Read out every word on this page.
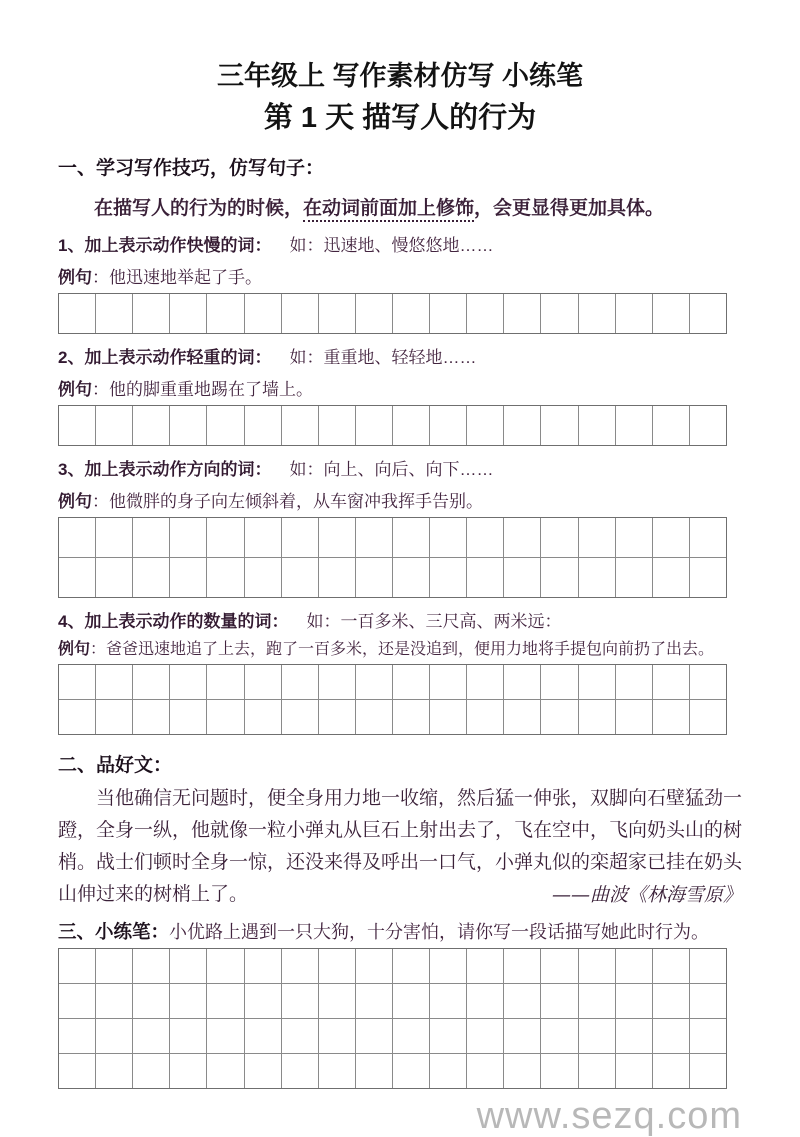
三年级上 写作素材仿写 小练笔
第 1 天 描写人的行为
一、学习写作技巧，仿写句子：
在描写人的行为的时候，在动词前面加上修饰，会更显得更加具体。
1、加上表示动作快慢的词： 如：迅速地、慢悠悠地……
例句：他迅速地举起了手。
2、加上表示动作轻重的词： 如：重重地、轻轻地……
例句：他的脚重重地踢在了墙上。
3、加上表示动作方向的词： 如：向上、向后、向下……
例句：他微胖的身子向左倾斜着，从车窗冲我挥手告别。
4、加上表示动作的数量的词： 如：一百多米、三尺高、两米远：
例句：爸爸迅速地追了上去，跑了一百多米，还是没追到，便用力地将手提包向前扔了出去。
二、品好文：

当他确信无问题时，便全身用力地一收缩，然后猛一伸张，双脚向石壁猛劲一蹬，全身一纵，他就像一粒小弹丸从巨石上射出去了，飞在空中，飞向奶头山的树梢。战士们顿时全身一惊，还没来得及呼出一口气，小弹丸似的栾超家已挂在奶头山伸过来的树梢上了。	——曲波《林海雪原》

三、小练笔：小优路上遇到一只大狗，十分害怕，请你写一段话描写她此时行为。
www.sezq.com
